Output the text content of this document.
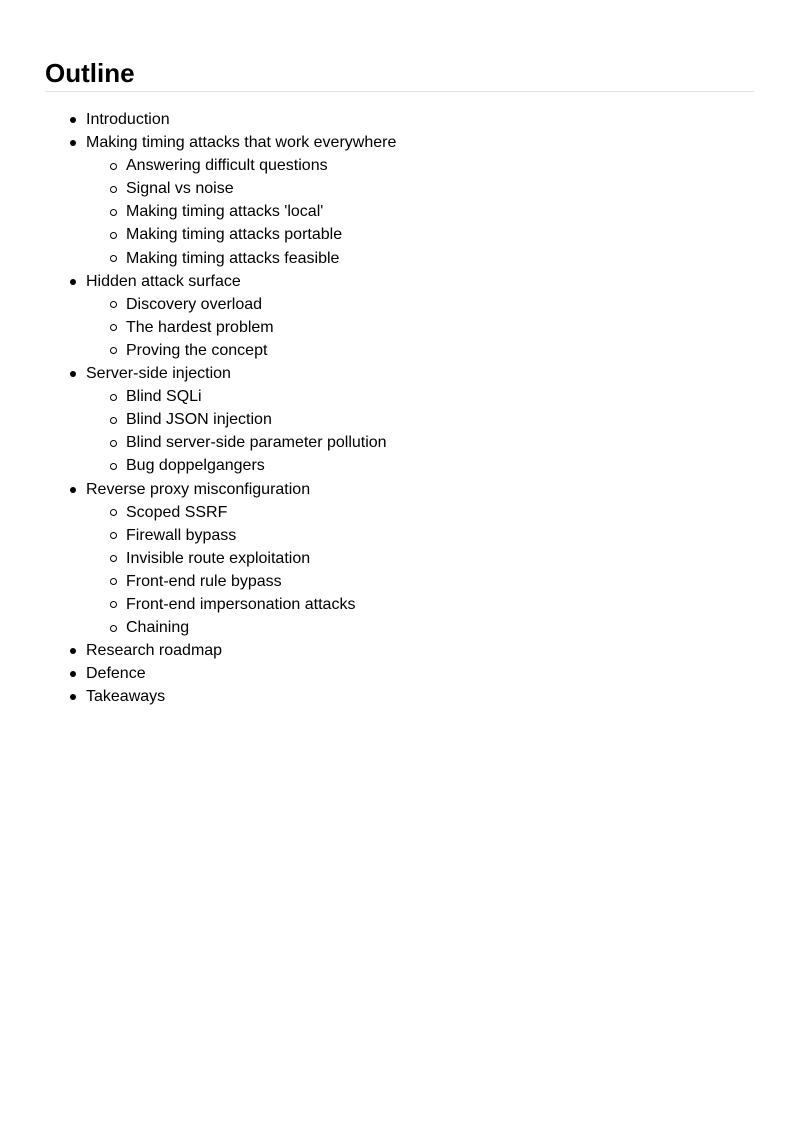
Outline
Introduction
Making timing attacks that work everywhere
Answering difficult questions
Signal vs noise
Making timing attacks 'local'
Making timing attacks portable
Making timing attacks feasible
Hidden attack surface
Discovery overload
The hardest problem
Proving the concept
Server-side injection
Blind SQLi
Blind JSON injection
Blind server-side parameter pollution
Bug doppelgangers
Reverse proxy misconfiguration
Scoped SSRF
Firewall bypass
Invisible route exploitation
Front-end rule bypass
Front-end impersonation attacks
Chaining
Research roadmap
Defence
Takeaways
